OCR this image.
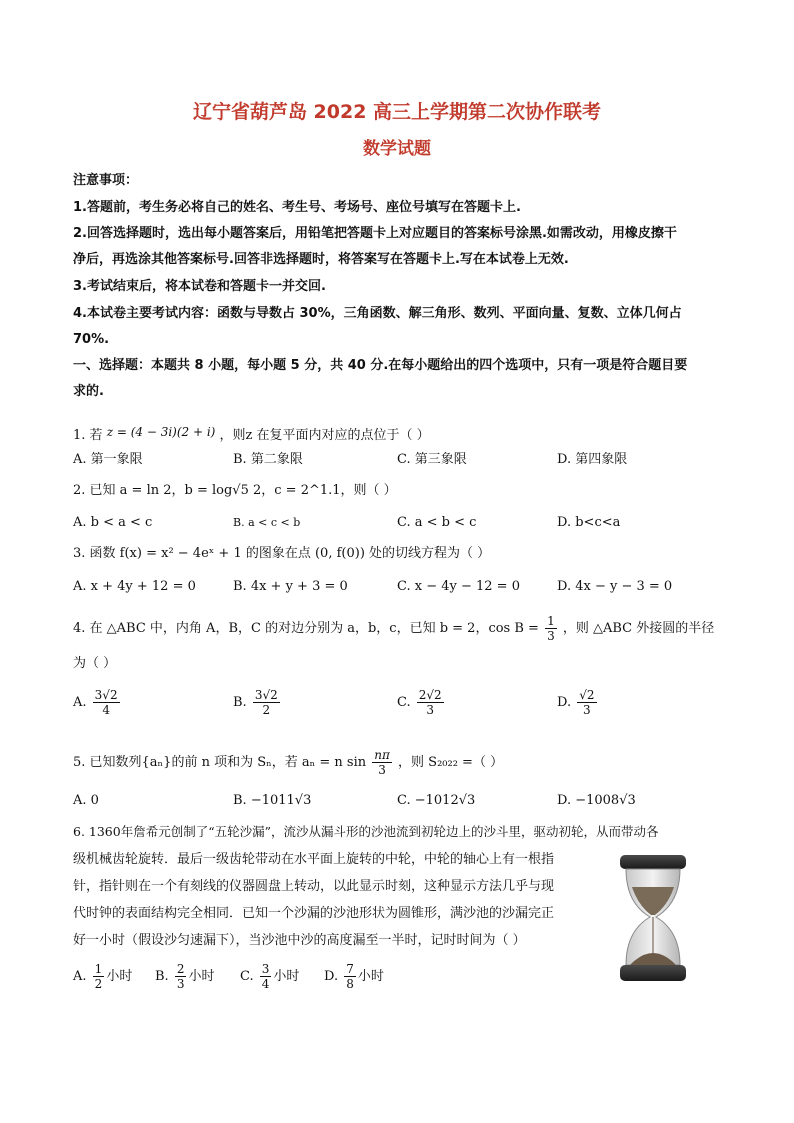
辽宁省葫芦岛 2022 高三上学期第二次协作联考
数学试题
注意事项：
1.答题前，考生务必将自己的姓名、考生号、考场号、座位号填写在答题卡上.
2.回答选择题时，选出每小题答案后，用铅笔把答题卡上对应题目的答案标号涂黑.如需改动，用橡皮擦干
净后，再选涂其他答案标号.回答非选择题时，将答案写在答题卡上.写在本试卷上无效.
3.考试结束后，将本试卷和答题卡一并交回.
4.本试卷主要考试内容：函数与导数占 30%，三角函数、解三角形、数列、平面向量、复数、立体几何占
70%.
一、选择题：本题共 8 小题，每小题 5 分，共 40 分.在每小题给出的四个选项中，只有一项是符合题目要
求的.
1. 若 z = (4 − 3i)(2 + i) ，则z 在复平面内对应的点位于（ ）
A. 第一象限	B. 第二象限	C. 第三象限	D. 第四象限
2. 已知 a = ln 2，b = log√5 2，c = 2^1.1，则（ ）
A. b < a < c	B. a < c < b	C. a < b < c	D. b<c<a
3. 函数 f(x) = x² − 4eˣ + 1 的图象在点 (0, f(0)) 处的切线方程为（ ）
A. x + 4y + 12 = 0	B. 4x + y + 3 = 0	C. x − 4y − 12 = 0	D. 4x − y − 3 = 0
4. 在 △ABC 中，内角 A，B，C 的对边分别为 a，b，c，已知 b = 2，$\cos B = \frac{1}{3}$ ，则 △ABC 外接圆的半径
为（ ）
A. $\frac{3√2}{4}$	B. $\frac{3√2}{2}$	C. $\frac{2√2}{3}$	D. $\frac{√2}{3}$
5. 已知数列{aₙ}的前 n 项和为 Sₙ，若 aₙ = n $\sin \frac{n\pi}{3}$ ，则 S₂₀₂₂ =（ ）
A. 0	B. −1011√3	C. −1012√3	D. −1008√3
6. 1360年詹希元创制了“五轮沙漏”，流沙从漏斗形的沙池流到初轮边上的沙斗里，驱动初轮，从而带动各
级机械齿轮旋转．最后一级齿轮带动在水平面上旋转的中轮，中轮的轴心上有一根指
针，指针则在一个有刻线的仪器圆盘上转动，以此显示时刻，这种显示方法几乎与现
代时钟的表面结构完全相同．已知一个沙漏的沙池形状为圆锥形，满沙池的沙漏完正
好一小时（假设沙匀速漏下），当沙池中沙的高度漏至一半时，记时时间为（ ）
A. $\frac{1}{2}$ 小时 B. $\frac{2}{3}$ 小时 C. $\frac{3}{4}$ 小时 D. $\frac{7}{8}$ 小时
